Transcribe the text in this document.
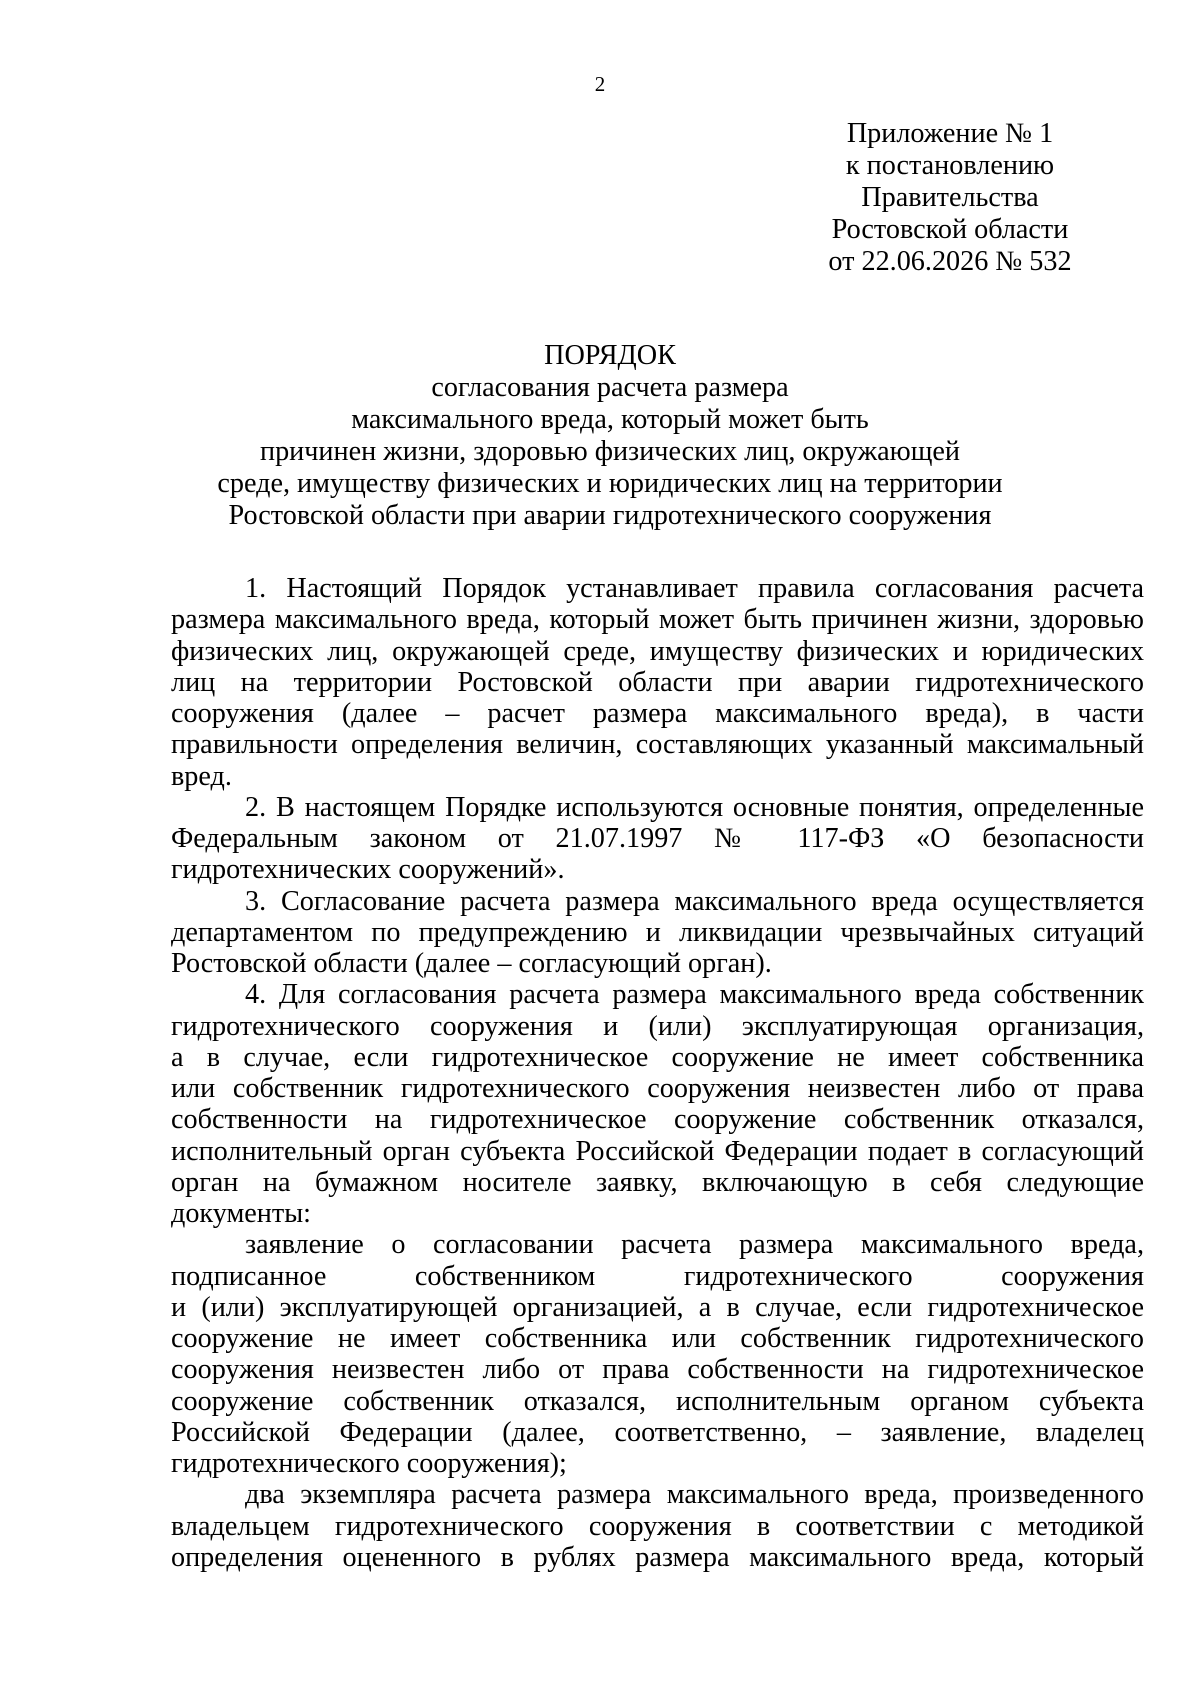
2
Приложение № 1
к постановлению
Правительства
Ростовской области
от 22.06.2026 № 532
ПОРЯДОК
согласования расчета размера
максимального вреда, который может быть
причинен жизни, здоровью физических лиц, окружающей
среде, имуществу физических и юридических лиц на территории
Ростовской области при аварии гидротехнического сооружения
1. Настоящий Порядок устанавливает правила согласования расчета
размера максимального вреда, который может быть причинен жизни, здоровью
физических лиц, окружающей среде, имуществу физических и юридических
лиц на территории Ростовской области при аварии гидротехнического
сооружения (далее – расчет размера максимального вреда), в части
правильности определения величин, составляющих указанный максимальный
вред.
2. В настоящем Порядке используются основные понятия, определенные
Федеральным законом от 21.07.1997 № 117-ФЗ «О безопасности
гидротехнических сооружений».
3. Согласование расчета размера максимального вреда осуществляется
департаментом по предупреждению и ликвидации чрезвычайных ситуаций
Ростовской области (далее – согласующий орган).
4. Для согласования расчета размера максимального вреда собственник
гидротехнического сооружения и (или) эксплуатирующая организация,
а в случае, если гидротехническое сооружение не имеет собственника
или собственник гидротехнического сооружения неизвестен либо от права
собственности на гидротехническое сооружение собственник отказался,
исполнительный орган субъекта Российской Федерации подает в согласующий
орган на бумажном носителе заявку, включающую в себя следующие
документы:
заявление о согласовании расчета размера максимального вреда,
подписанное собственником гидротехнического сооружения
и (или) эксплуатирующей организацией, а в случае, если гидротехническое
сооружение не имеет собственника или собственник гидротехнического
сооружения неизвестен либо от права собственности на гидротехническое
сооружение собственник отказался, исполнительным органом субъекта
Российской Федерации (далее, соответственно, – заявление, владелец
гидротехнического сооружения);
два экземпляра расчета размера максимального вреда, произведенного
владельцем гидротехнического сооружения в соответствии с методикой
определения оцененного в рублях размера максимального вреда, который
